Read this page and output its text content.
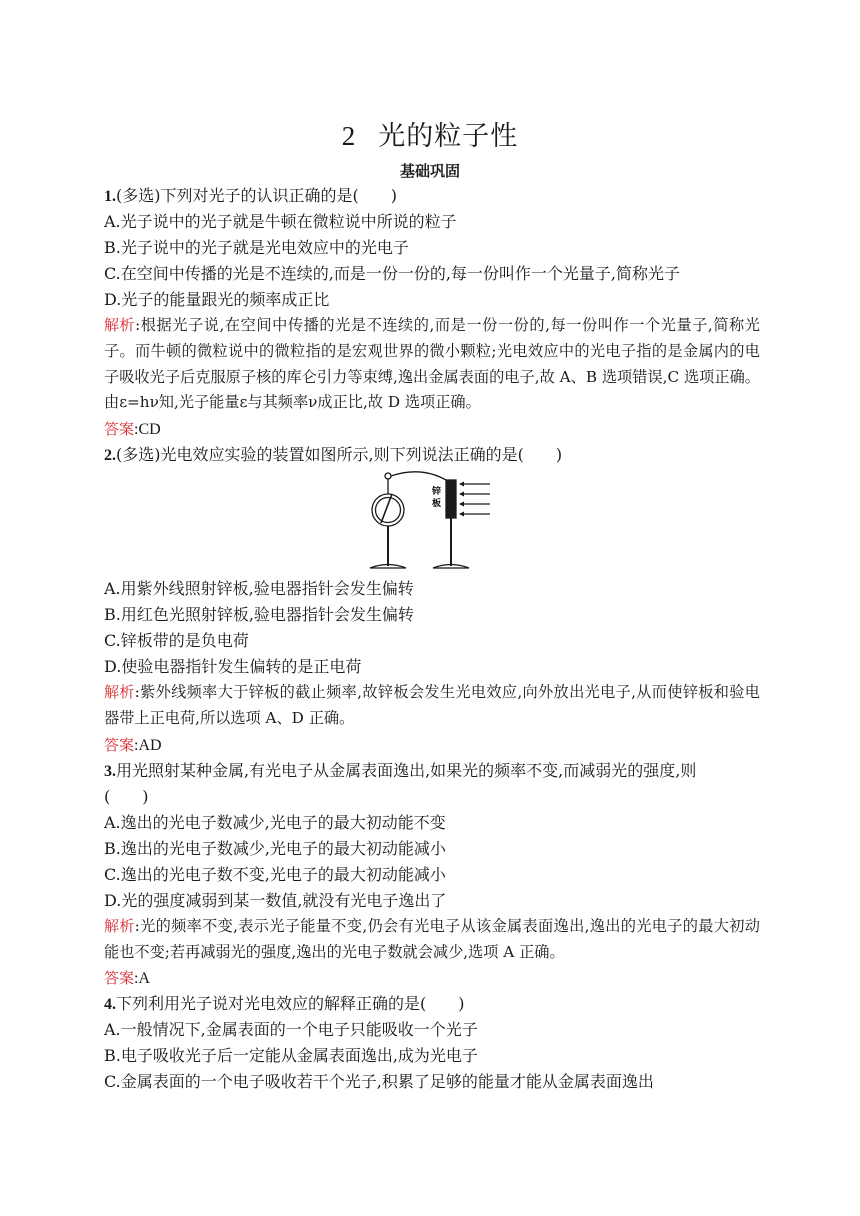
2 光的粒子性
基础巩固
1.(多选)下列对光子的认识正确的是(　　)
A.光子说中的光子就是牛顿在微粒说中所说的粒子
B.光子说中的光子就是光电效应中的光电子
C.在空间中传播的光是不连续的,而是一份一份的,每一份叫作一个光量子,简称光子
D.光子的能量跟光的频率成正比
解析:根据光子说,在空间中传播的光是不连续的,而是一份一份的,每一份叫作一个光量子,简称光子。而牛顿的微粒说中的微粒指的是宏观世界的微小颗粒;光电效应中的光电子指的是金属内的电子吸收光子后克服原子核的库仑引力等束缚,逸出金属表面的电子,故 A、B 选项错误,C 选项正确。由ε=hν知,光子能量ε与其频率ν成正比,故 D 选项正确。
答案:CD
2.(多选)光电效应实验的装置如图所示,则下列说法正确的是(　　)
锌
板
A.用紫外线照射锌板,验电器指针会发生偏转
B.用红色光照射锌板,验电器指针会发生偏转
C.锌板带的是负电荷
D.使验电器指针发生偏转的是正电荷
解析:紫外线频率大于锌板的截止频率,故锌板会发生光电效应,向外放出光电子,从而使锌板和验电器带上正电荷,所以选项 A、D 正确。
答案:AD
3.用光照射某种金属,有光电子从金属表面逸出,如果光的频率不变,而减弱光的强度,则
(　　)
A.逸出的光电子数减少,光电子的最大初动能不变
B.逸出的光电子数减少,光电子的最大初动能减小
C.逸出的光电子数不变,光电子的最大初动能减小
D.光的强度减弱到某一数值,就没有光电子逸出了
解析:光的频率不变,表示光子能量不变,仍会有光电子从该金属表面逸出,逸出的光电子的最大初动能也不变;若再减弱光的强度,逸出的光电子数就会减少,选项 A 正确。
答案:A
4.下列利用光子说对光电效应的解释正确的是(　　)
A.一般情况下,金属表面的一个电子只能吸收一个光子
B.电子吸收光子后一定能从金属表面逸出,成为光电子
C.金属表面的一个电子吸收若干个光子,积累了足够的能量才能从金属表面逸出
